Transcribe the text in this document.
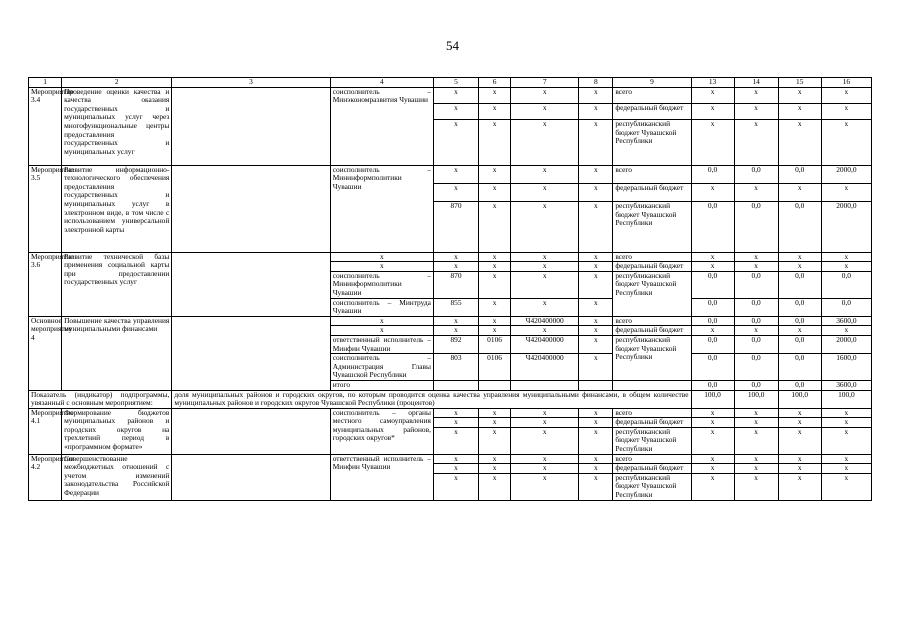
54
1	2	3	4	5	6	7	8	9	13	14	15	16
Мероприятие 3.4	Проведение оценки качества и качества оказания государственных и муниципальных услуг через многофункциональные центры предоставления государственных и муниципальных услуг		соисполнитель – Минэкономразвития Чувашии	x	x	x	x	всего	x	x	x	x
				x	x	x	x	федеральный бюджет	x	x	x	x
				x	x	x	x	республиканский бюджет Чувашской Республики	x	x	x	x
Мероприятие 3.5	Развитие информационно-технологического обеспечения предоставления государственных и муниципальных услуг в электронном виде, в том числе с использованием универсальной электронной карты		соисполнитель – Мининформполитики Чувашии	x	x	x	x	всего	0,0	0,0	0,0	2000,0
				x	x	x	x	федеральный бюджет	x	x	x	x
				870	x	x	x	республиканский бюджет Чувашской Республики	0,0	0,0	0,0	2000,0
Мероприятие 3.6	Развитие технической базы применения социальной карты при предоставлении государственных услуг		x	x	x	x	x	всего	x	x	x	x
			x	x	x	x	x	федеральный бюджет	x	x	x	x
			соисполнитель – Мининформполитики Чувашии	870	x	x	x	республиканский бюджет Чувашской Республики	0,0	0,0	0,0	0,0
			соисполнитель – Минтруда Чувашии	855	x	x	x		0,0	0,0	0,0	0,0
Основное мероприятие 4	Повышение качества управления муниципальными финансами		x	x	x	Ч420400000	x	всего	0,0	0,0	0,0	3600,0
			x	x	x	x	x	федеральный бюджет	x	x	x	x
			ответственный исполнитель – Минфин Чувашии	892	0106	Ч420400000	x	республиканский бюджет Чувашской Республики	0,0	0,0	0,0	2000,0
			соисполнитель – Администрация Главы Чувашской Республики	803	0106	Ч420400000	x		0,0	0,0	0,0	1600,0
			итого						0,0	0,0	0,0	3600,0
Показатель (индикатор) подпрограммы, увязанный с основным мероприятием:		доля муниципальных районов и городских округов, по которым проводится оценка качества управления муниципальными финансами, в общем количестве муниципальных районов и городских округов Чувашской Республики (процентов)							100,0	100,0	100,0	100,0
Мероприятие 4.1	Формирование бюджетов муниципальных районов и городских округов на трехлетний период в «программном формате»		соисполнитель – органы местного самоуправления муниципальных районов, городских округов*	x	x	x	x	всего	x	x	x	x
				x	x	x	x	федеральный бюджет	x	x	x	x
				x	x	x	x	республиканский бюджет Чувашской Республики	x	x	x	x
Мероприятие 4.2	Совершенствование межбюджетных отношений с учетом изменений законодательства Российской Федерации		ответственный исполнитель – Минфин Чувашии	x	x	x	x	всего	x	x	x	x
				x	x	x	x	федеральный бюджет	x	x	x	x
				x	x	x	x	республиканский бюджет Чувашской Республики	x	x	x	x
